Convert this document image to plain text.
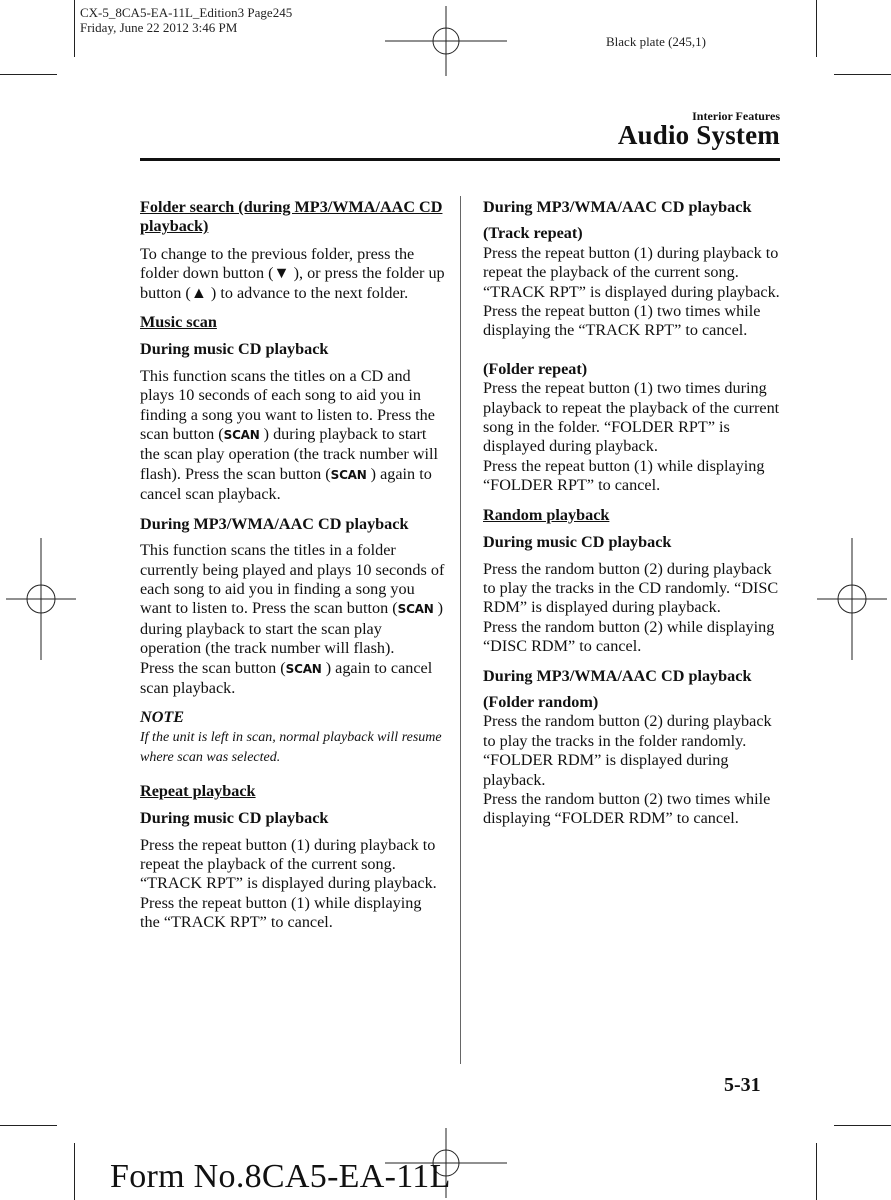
CX-5_8CA5-EA-11L_Edition3 Page245
Friday, June 22 2012 3:46 PM
Black plate (245,1)
Interior Features
Audio System

Folder search (during MP3/WMA/AAC CD playback)

To change to the previous folder, press the folder down button (▼ ), or press the folder up button (▲ ) to advance to the next folder.

Music scan

During music CD playback

This function scans the titles on a CD and plays 10 seconds of each song to aid you in finding a song you want to listen to. Press the scan button (SCAN ) during playback to start the scan play operation (the track number will flash). Press the scan button (SCAN ) again to cancel scan playback.

During MP3/WMA/AAC CD playback

This function scans the titles in a folder currently being played and plays 10 seconds of each song to aid you in finding a song you want to listen to. Press the scan button (SCAN ) during playback to start the scan play operation (the track number will flash).
Press the scan button (SCAN ) again to cancel scan playback.

NOTE

If the unit is left in scan, normal playback will resume where scan was selected.

Repeat playback

During music CD playback

Press the repeat button (1) during playback to repeat the playback of the current song. “TRACK RPT” is displayed during playback.

Press the repeat button (1) while displaying the “TRACK RPT” to cancel.

During MP3/WMA/AAC CD playback

(Track repeat)

Press the repeat button (1) during playback to repeat the playback of the current song. “TRACK RPT” is displayed during playback.

Press the repeat button (1) two times while displaying the “TRACK RPT” to cancel.

(Folder repeat)

Press the repeat button (1) two times during playback to repeat the playback of the current song in the folder. “FOLDER RPT” is displayed during playback.

Press the repeat button (1) while displaying “FOLDER RPT” to cancel.

Random playback

During music CD playback

Press the random button (2) during playback to play the tracks in the CD randomly. “DISC RDM” is displayed during playback.

Press the random button (2) while displaying “DISC RDM” to cancel.

During MP3/WMA/AAC CD playback

(Folder random)

Press the random button (2) during playback to play the tracks in the folder randomly. “FOLDER RDM” is displayed during playback.

Press the random button (2) two times while displaying “FOLDER RDM” to cancel.

5-31
Form No.8CA5-EA-11L
